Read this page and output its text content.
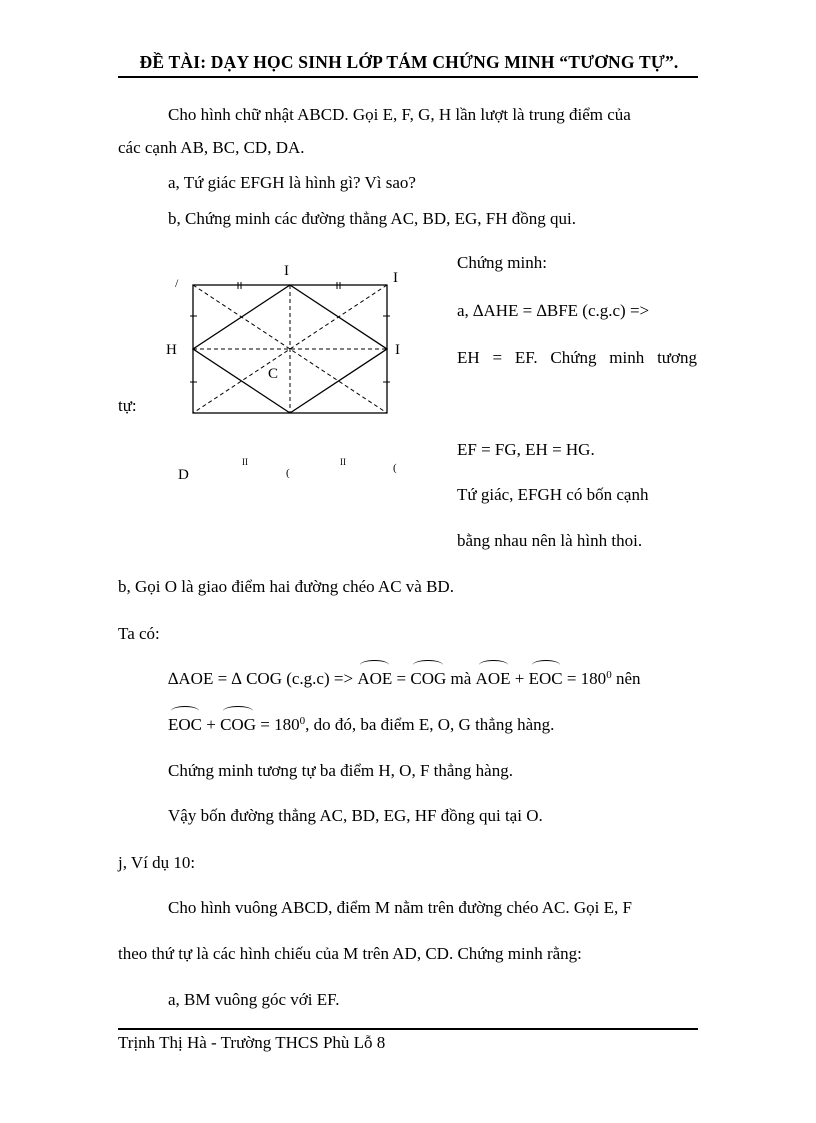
ĐỀ TÀI: DẠY HỌC SINH LỚP TÁM CHỨNG MINH “TƯƠNG TỰ”.
Cho hình chữ nhật ABCD. Gọi E, F, G, H lần lượt là trung điểm của
các cạnh AB, BC, CD, DA.
a, Tứ giác EFGH là hình gì? Vì sao?
b, Chứng minh các đường thẳng AC, BD, EG, FH đồng qui.
/
I	I
H	I
C
D
II	II
(	(
Chứng minh:
a, ∆AHE = ∆BFE (c.g.c) =>
EH = EF. Chứng minh tương
tự:
EF = FG, EH = HG.
Tứ giác, EFGH có bốn cạnh
bằng nhau nên là hình thoi.
b, Gọi O là giao điểm hai đường chéo AC và BD.
Ta có:
∆AOE = ∆ COG (c.g.c) => AOE = COG mà AOE + EOC = $180^0$ nên
EOC + COG = $180^0$, do đó, ba điểm E, O, G thẳng hàng.
Chứng minh tương tự ba điểm H, O, F thẳng hàng.
Vậy bốn đường thẳng AC, BD, EG, HF đồng qui tại O.
j, Ví dụ 10:
Cho hình vuông ABCD, điểm M nằm trên đường chéo AC. Gọi E, F
theo thứ tự là các hình chiếu của M trên AD, CD. Chứng minh rằng:
a, BM vuông góc với EF.
Trịnh Thị Hà - Trường THCS Phù Lỗ 8
